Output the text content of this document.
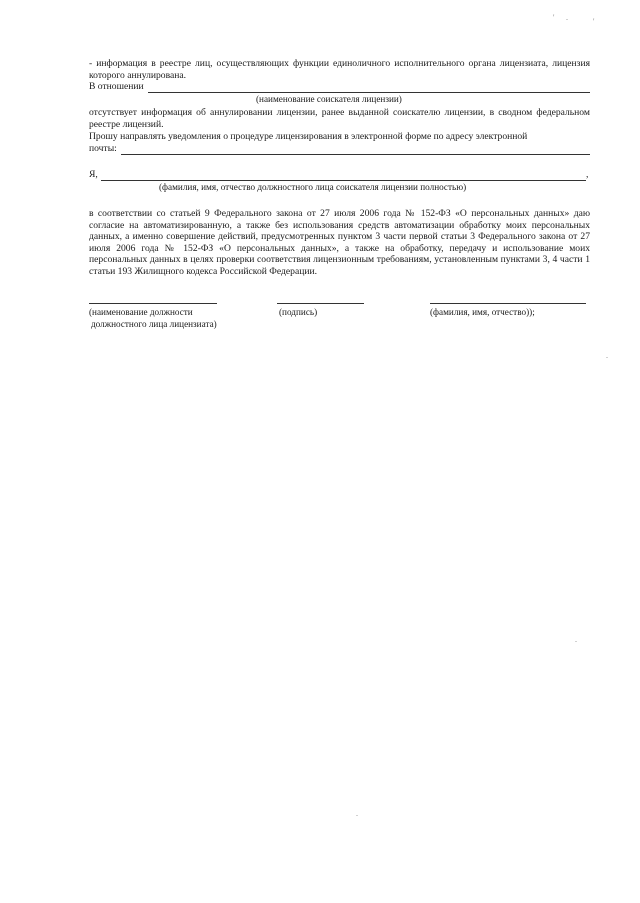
- информация в реестре лиц, осуществляющих функции единоличного исполнительного органа лицензиата, лицензия которого аннулирована.
В отношении
(наименование соискателя лицензии)
отсутствует информация об аннулировании лицензии, ранее выданной соискателю лицензии, в сводном федеральном реестре лицензий.
Прошу направлять уведомления о процедуре лицензирования в электронной форме по адресу электронной
почты:
Я,	,
(фамилия, имя, отчество должностного лица соискателя лицензии полностью)
в соответствии со статьей 9 Федерального закона от 27 июля 2006 года № 152-ФЗ «О персональных данных» даю согласие на автоматизированную, а также без использования средств автоматизации обработку моих персональных данных, а именно совершение действий, предусмотренных пунктом 3 части первой статьи 3 Федерального закона от 27 июля 2006 года № 152-ФЗ «О персональных данных», а также на обработку, передачу и использование моих персональных данных в целях проверки соответствия лицензионным требованиям, установленным пунктами 3, 4 части 1 статьи 193 Жилищного кодекса Российской Федерации.
(наименование должности
должностного лица лицензиата)
(подпись)	(фамилия, имя, отчество));
' .	'
.
.
.
